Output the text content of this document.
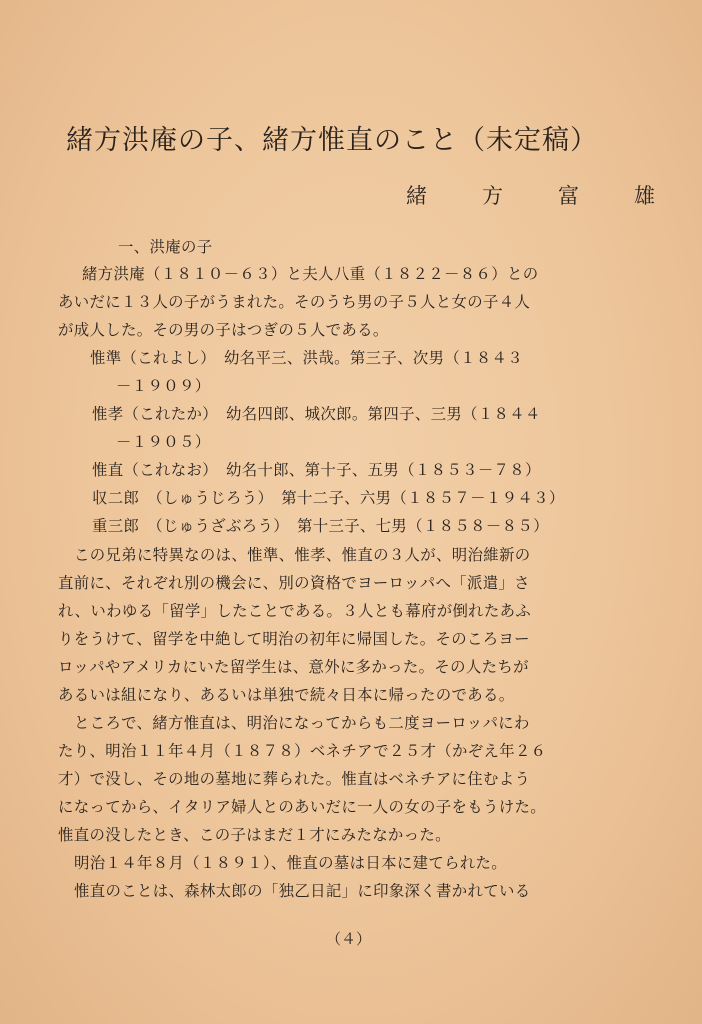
緒方洪庵の子、緒方惟直のこと（未定稿）
緒　方　富　雄
一、洪庵の子
緒方洪庵（１８１０－６３）と夫人八重（１８２２－８６）との
あいだに１３人の子がうまれた。そのうち男の子５人と女の子４人
が成人した。その男の子はつぎの５人である。
惟準（これよし）　幼名平三、洪哉。第三子、次男（１８４３
－１９０９）
惟孝（これたか）　幼名四郎、城次郎。第四子、三男（１８４４
－１９０５）
惟直（これなお）　幼名十郎、第十子、五男（１８５３－７８）
収二郎　（しゅうじろう）　第十二子、六男（１８５７－１９４３）
重三郎　（じゅうざぶろう）　第十三子、七男（１８５８－８５）
この兄弟に特異なのは、惟準、惟孝、惟直の３人が、明治維新の
直前に、それぞれ別の機会に、別の資格でヨーロッパへ「派遣」さ
れ、いわゆる「留学」したことである。３人とも幕府が倒れたあふ
りをうけて、留学を中絶して明治の初年に帰国した。そのころヨー
ロッパやアメリカにいた留学生は、意外に多かった。その人たちが
あるいは組になり、あるいは単独で続々日本に帰ったのである。
ところで、緒方惟直は、明治になってからも二度ヨーロッパにわ
たり、明治１１年４月（１８７８）ベネチアで２５才（かぞえ年２６
才）で没し、その地の墓地に葬られた。惟直はベネチアに住むよう
になってから、イタリア婦人とのあいだに一人の女の子をもうけた。
惟直の没したとき、この子はまだ１才にみたなかった。
明治１４年８月（１８９１）、惟直の墓は日本に建てられた。
惟直のことは、森林太郎の「独乙日記」に印象深く書かれている
（４）
